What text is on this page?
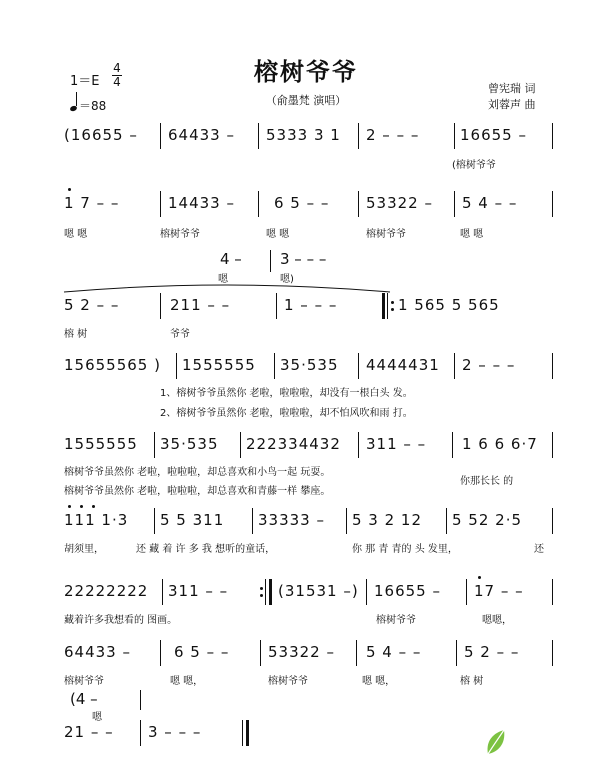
榕树爷爷
（俞墨梵 演唱）
$1=E \frac{4}{4}$
＝88
曾宪瑞 词
刘蓉声 曲
(16655 – 64433 – 5333 3 1 2 – – –	16655 –
(榕树爷爷
1 7 – –	14433 –	6 5 – – 53322 – 5 4 – –
嗯 嗯	榕树爷爷	嗯 嗯	榕树爷爷	嗯 嗯
4 –	3 – – –
嗯	嗯)
5 2 – –	211 – –	1 – – –	1 565 5 565
榕 树	爷爷
15655565 ) 1555555 35·535 4444431 2 – – –
1、榕树爷爷虽然你 老啦，啦啦啦，却没有一根白头 发。
2、榕树爷爷虽然你 老啦，啦啦啦，却不怕风吹和雨 打。
1555555 35·535 222334432 311 – – 1 6 6 6·7
榕树爷爷虽然你 老啦，啦啦啦，却总喜欢和小鸟一起 玩耍。
榕树爷爷虽然你 老啦，啦啦啦，却总喜欢和青藤一样 攀座。
你那长长 的
111 1·3 5 5 311 33333 – 5 3 2 12 5 52 2·5
胡须里，	还 藏 着 许 多 我 想听的童话，	你 那 青 青的 头 发里，	还
22222222 311 – –	(31531 –) 16655 – 17 – –
藏着许多我想看的 图画。	榕树爷爷	嗯嗯，
64433 –	6 5 – –	53322 – 5 4 – –	5 2 – –
榕树爷爷	嗯 嗯，	榕树爷爷	嗯 嗯，	榕 树
(4 –
嗯
21 – – 3 – – –
